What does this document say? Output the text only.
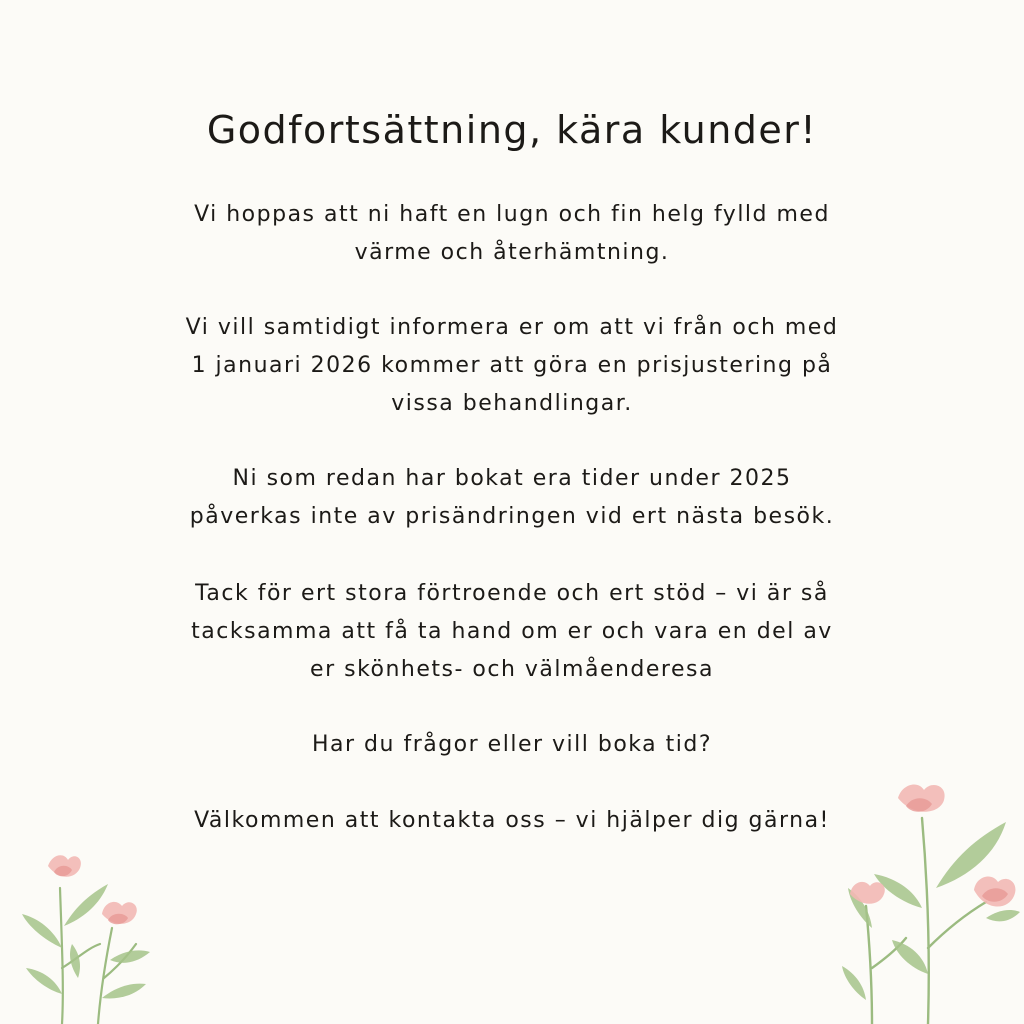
Godfortsättning, kära kunder!

Vi hoppas att ni haft en lugn och fin helg fylld med
värme och återhämtning.

Vi vill samtidigt informera er om att vi från och med
1 januari 2026 kommer att göra en prisjustering på
vissa behandlingar.

Ni som redan har bokat era tider under 2025
påverkas inte av prisändringen vid ert nästa besök.

Tack för ert stora förtroende och ert stöd – vi är så
tacksamma att få ta hand om er och vara en del av
er skönhets- och välmåenderesa

Har du frågor eller vill boka tid?

Välkommen att kontakta oss – vi hjälper dig gärna!
